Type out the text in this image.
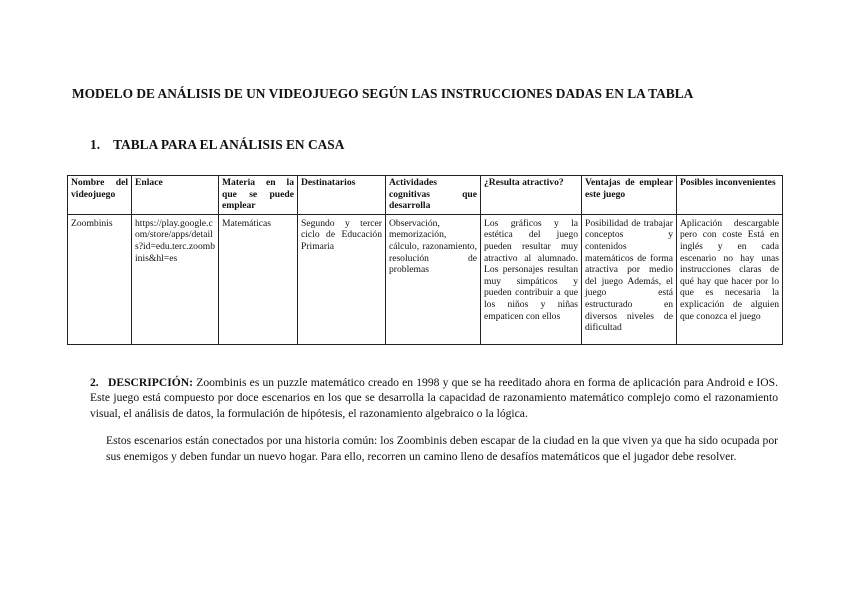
MODELO DE ANÁLISIS DE UN VIDEOJUEGO SEGÚN LAS INSTRUCCIONES DADAS EN LA TABLA
1. TABLA PARA EL ANÁLISIS EN CASA
Nombre del videojuego	Enlace	Materia en la que se puede emplear	Destinatarios	Actividades cognitivas que desarrolla	¿Resulta atractivo?	Ventajas de emplear este juego	Posibles inconvenientes
Zoombinis	https://play.google.com/store/apps/details?id=edu.terc.zoombinis&hl=es	Matemáticas	Segundo y tercer ciclo de Educación Primaria	Observación, memorización, cálculo, razonamiento, resolución de problemas	Los gráficos y la estética del juego pueden resultar muy atractivo al alumnado. Los personajes resultan muy simpáticos y pueden contribuir a que los niños y niñas empaticen con ellos	Posibilidad de trabajar conceptos y contenidos matemáticos de forma atractiva por medio del juego Además, el juego está estructurado en diversos niveles de dificultad	Aplicación descargable pero con coste Está en inglés y en cada escenario no hay unas instrucciones claras de qué hay que hacer por lo que es necesaria la explicación de alguien que conozca el juego

2. DESCRIPCIÓN: Zoombinis es un puzzle matemático creado en 1998 y que se ha reeditado ahora en forma de aplicación para Android e IOS. Este juego está compuesto por doce escenarios en los que se desarrolla la capacidad de razonamiento matemático complejo como el razonamiento visual, el análisis de datos, la formulación de hipótesis, el razonamiento algebraico o la lógica.

Estos escenarios están conectados por una historia común: los Zoombinis deben escapar de la ciudad en la que viven ya que ha sido ocupada por sus enemigos y deben fundar un nuevo hogar. Para ello, recorren un camino lleno de desafíos matemáticos que el jugador debe resolver.
